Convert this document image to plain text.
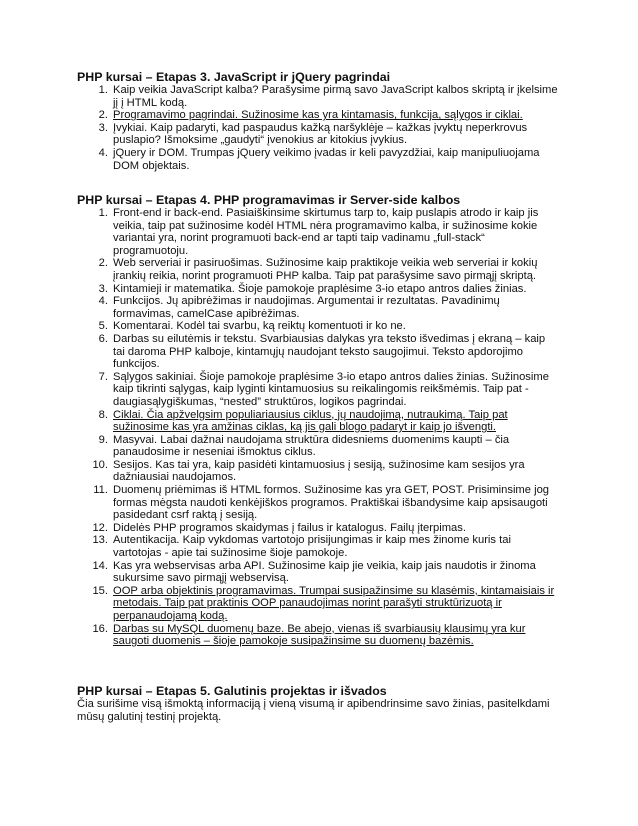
PHP kursai – Etapas 3. JavaScript ir jQuery pagrindai
1. Kaip veikia JavaScript kalba? Parašysime pirmą savo JavaScript kalbos skriptą ir įkelsime jį į HTML kodą.
2. Programavimo pagrindai. Sužinosime kas yra kintamasis, funkcija, sąlygos ir ciklai.
3. Įvykiai. Kaip padaryti, kad paspaudus kažką naršyklėje – kažkas įvyktų neperkrovus puslapio? Išmoksime „gaudyti“ įvenokius ar kitokius įvykius.
4. jQuery ir DOM. Trumpas jQuery veikimo įvadas ir keli pavyzdžiai, kaip manipuliuojama DOM objektais.
PHP kursai – Etapas 4. PHP programavimas ir Server-side kalbos
1. Front-end ir back-end. Pasiaiškinsime skirtumus tarp to, kaip puslapis atrodo ir kaip jis veikia, taip pat sužinosime kodėl HTML nėra programavimo kalba, ir sužinosime kokie variantai yra, norint programuoti back-end ar tapti taip vadinamu „full-stack“ programuotoju.
2. Web serveriai ir pasiruošimas. Sužinosime kaip praktikoje veikia web serveriai ir kokių įrankių reikia, norint programuoti PHP kalba. Taip pat parašysime savo pirmąjį skriptą.
3. Kintamieji ir matematika. Šioje pamokoje praplėsime 3-io etapo antros dalies žinias.
4. Funkcijos. Jų apibrėžimas ir naudojimas. Argumentai ir rezultatas. Pavadinimų formavimas, camelCase apibrėžimas.
5. Komentarai. Kodėl tai svarbu, ką reiktų komentuoti ir ko ne.
6. Darbas su eilutėmis ir tekstu. Svarbiausias dalykas yra teksto išvedimas į ekraną – kaip tai daroma PHP kalboje, kintamųjų naudojant teksto saugojimui. Teksto apdorojimo funkcijos.
7. Sąlygos sakiniai. Šioje pamokoje praplėsime 3-io etapo antros dalies žinias. Sužinosime kaip tikrinti sąlygas, kaip lyginti kintamuosius su reikalingomis reikšmėmis. Taip pat - daugiasąlygiškumas, “nested” struktūros, logikos pagrindai.
8. Ciklai. Čia apžvelgsim populiariausius ciklus, jų naudojimą, nutraukimą. Taip pat sužinosime kas yra amžinas ciklas, ką jis gali blogo padaryt ir kaip jo išvengti.
9. Masyvai. Labai dažnai naudojama struktūra didesniems duomenims kaupti – čia panaudosime ir neseniai išmoktus ciklus.
10. Sesijos. Kas tai yra, kaip pasidėti kintamuosius į sesiją, sužinosime kam sesijos yra dažniausiai naudojamos.
11. Duomenų priėmimas iš HTML formos. Sužinosime kas yra GET, POST. Prisiminsime jog formas mėgsta naudoti kenkėjiškos programos. Praktiškai išbandysime kaip apsisaugoti pasidedant csrf raktą į sesiją.
12. Didelės PHP programos skaidymas į failus ir katalogus. Failų įterpimas.
13. Autentikacija. Kaip vykdomas vartotojo prisijungimas ir kaip mes žinome kuris tai vartotojas - apie tai sužinosime šioje pamokoje.
14. Kas yra webservisas arba API. Sužinosime kaip jie veikia, kaip jais naudotis ir žinoma sukursime savo pirmąjį webservisą.
15. OOP arba objektinis programavimas. Trumpai susipažinsime su klasėmis, kintamaisiais ir metodais. Taip pat praktinis OOP panaudojimas norint parašyti struktūrizuotą ir perpanaudojamą kodą.
16. Darbas su MySQL duomenų baze. Be abejo, vienas iš svarbiausių klausimų yra kur saugoti duomenis – šioje pamokoje susipažinsime su duomenų bazėmis.
PHP kursai – Etapas 5. Galutinis projektas ir išvados

Čia surišime visą išmoktą informaciją į vieną visumą ir apibendrinsime savo žinias, pasitelkdami mūsų galutinį testinį projektą.
